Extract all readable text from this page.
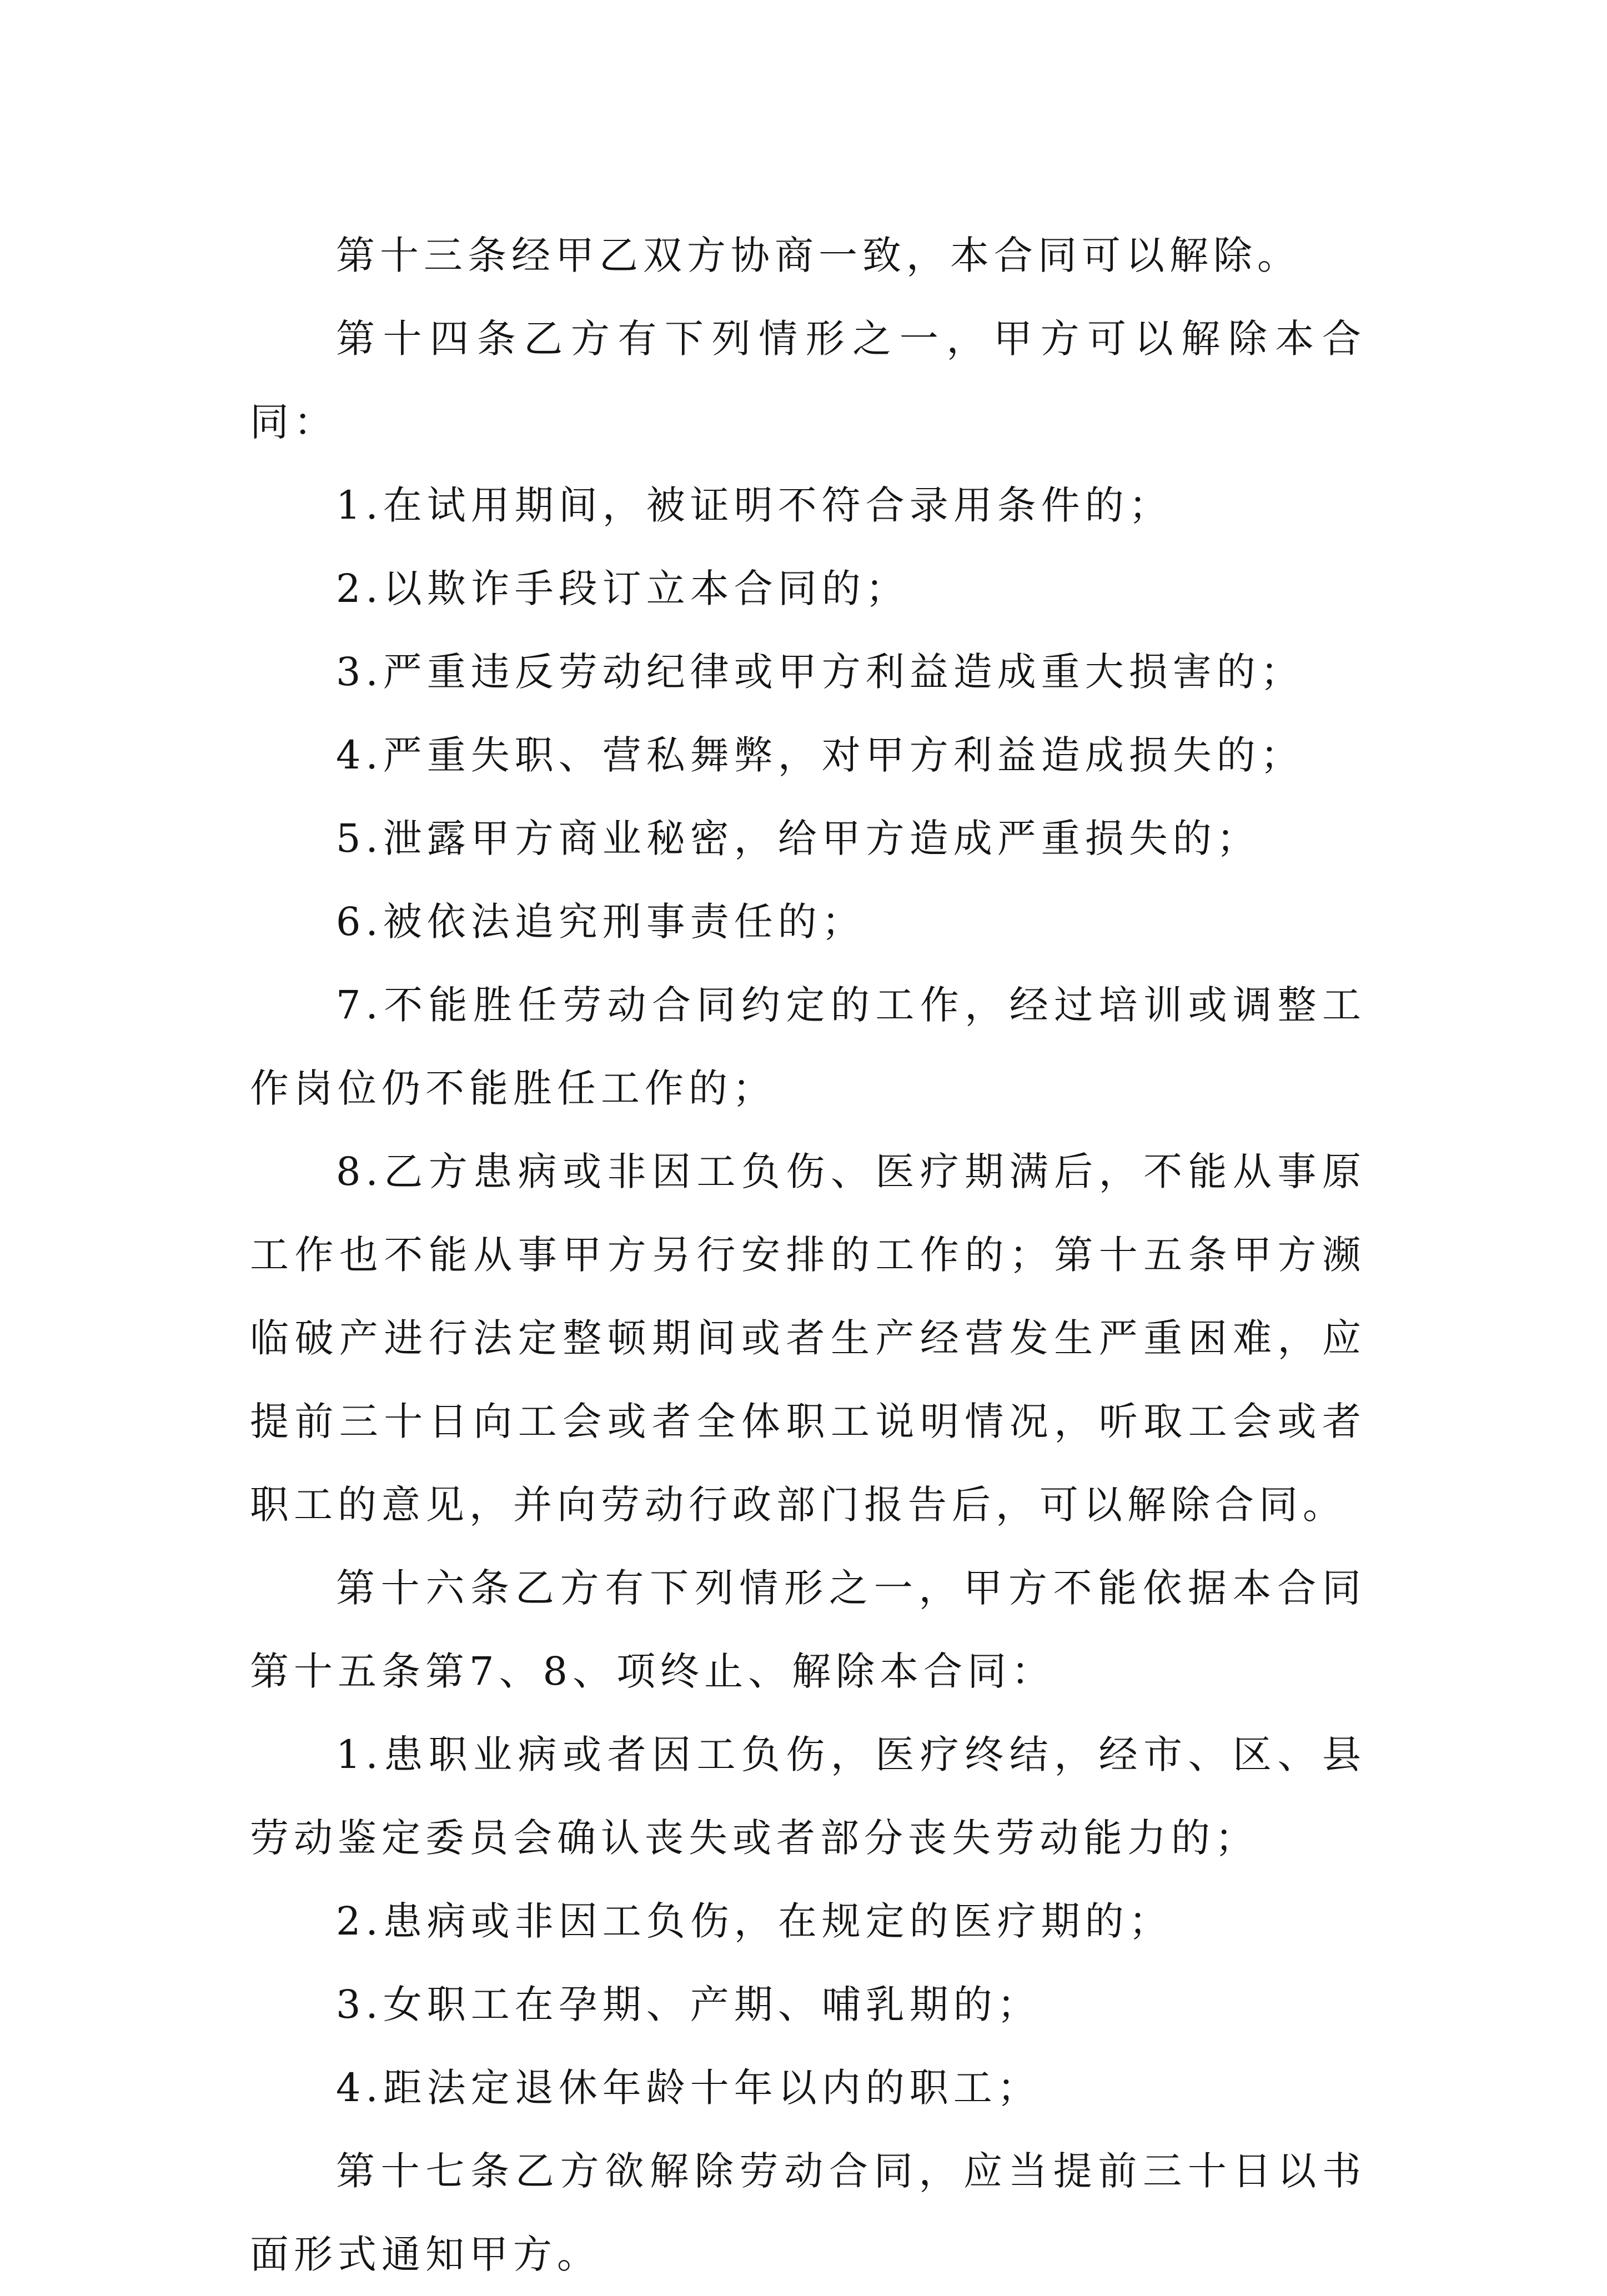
第十三条经甲乙双方协商一致，本合同可以解除。

第十四条乙方有下列情形之一，甲方可以解除本合同：

1.在试用期间，被证明不符合录用条件的；

2.以欺诈手段订立本合同的；

3.严重违反劳动纪律或甲方利益造成重大损害的；

4.严重失职、营私舞弊，对甲方利益造成损失的；

5.泄露甲方商业秘密，给甲方造成严重损失的；

6.被依法追究刑事责任的；

7.不能胜任劳动合同约定的工作，经过培训或调整工作岗位仍不能胜任工作的；

8.乙方患病或非因工负伤、医疗期满后，不能从事原工作也不能从事甲方另行安排的工作的；第十五条甲方濒临破产进行法定整顿期间或者生产经营发生严重困难，应提前三十日向工会或者全体职工说明情况，听取工会或者职工的意见，并向劳动行政部门报告后，可以解除合同。

第十六条乙方有下列情形之一，甲方不能依据本合同第十五条第7、8、项终止、解除本合同：

1.患职业病或者因工负伤，医疗终结，经市、区、县劳动鉴定委员会确认丧失或者部分丧失劳动能力的；

2.患病或非因工负伤，在规定的医疗期的；

3.女职工在孕期、产期、哺乳期的；

4.距法定退休年龄十年以内的职工；

第十七条乙方欲解除劳动合同，应当提前三十日以书面形式通知甲方。
